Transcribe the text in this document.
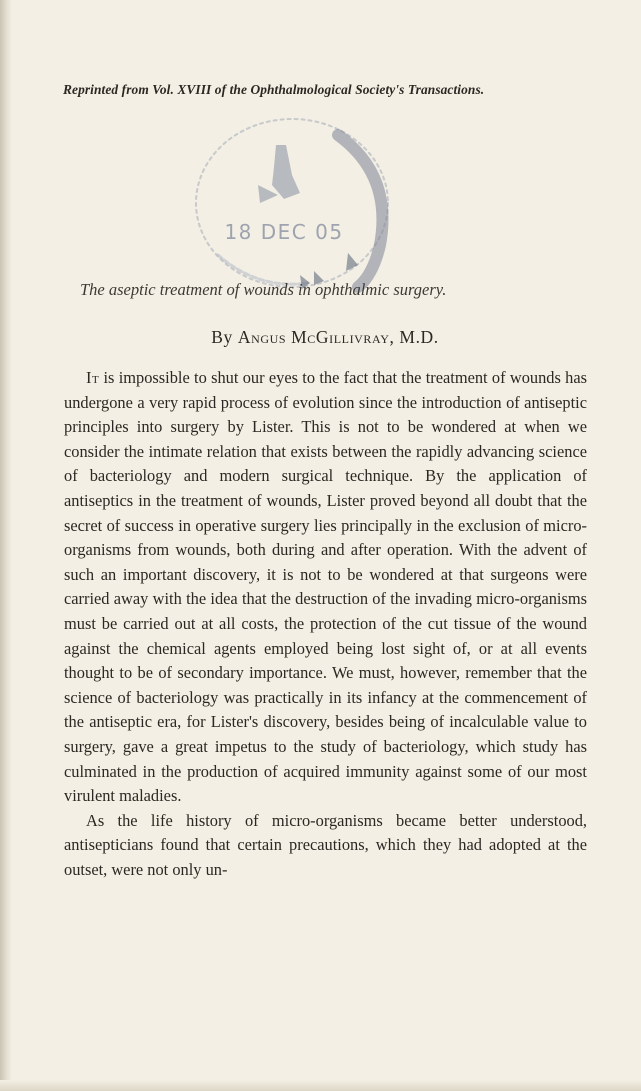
Reprinted from Vol. XVIII of the Ophthalmological Society's Transactions.
18 DEC 05
The aseptic treatment of wounds in ophthalmic surgery.
By Angus McGillivray, M.D.

It is impossible to shut our eyes to the fact that the treatment of wounds has undergone a very rapid process of evolution since the introduction of antiseptic principles into surgery by Lister. This is not to be wondered at when we consider the intimate relation that exists between the rapidly advancing science of bacteriology and modern surgical technique. By the application of antiseptics in the treatment of wounds, Lister proved beyond all doubt that the secret of success in operative surgery lies principally in the exclusion of micro-organisms from wounds, both during and after operation. With the advent of such an important discovery, it is not to be wondered at that surgeons were carried away with the idea that the destruction of the invading micro-organisms must be carried out at all costs, the protection of the cut tissue of the wound against the chemical agents employed being lost sight of, or at all events thought to be of secondary importance. We must, however, remember that the science of bacteriology was practically in its infancy at the commencement of the antiseptic era, for Lister's discovery, besides being of incalculable value to surgery, gave a great impetus to the study of bacteriology, which study has culminated in the production of acquired immunity against some of our most virulent maladies.

As the life history of micro-organisms became better understood, antisepticians found that certain precautions, which they had adopted at the outset, were not only un-
